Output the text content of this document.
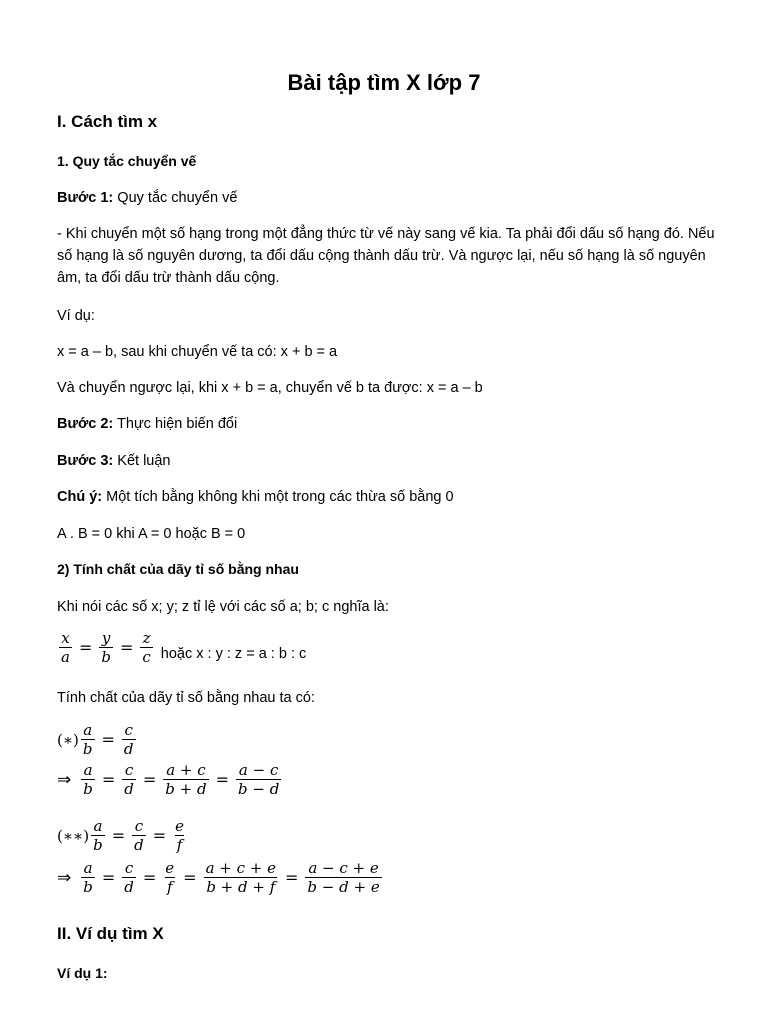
Bài tập tìm X lớp 7
I. Cách tìm x
1. Quy tắc chuyển vế
Bước 1: Quy tắc chuyển vế
- Khi chuyển một số hạng trong một đẳng thức từ vế này sang vế kia. Ta phải đổi dấu số hạng đó. Nếu số hạng là số nguyên dương, ta đổi dấu cộng thành dấu trừ. Và ngược lại, nếu số hạng là số nguyên âm, ta đổi dấu trừ thành dấu cộng.
Ví dụ:
x = a – b, sau khi chuyển vế ta có: x + b = a
Và chuyển ngược lại, khi x + b = a, chuyển vế b ta được: x = a – b
Bước 2: Thực hiện biến đổi
Bước 3: Kết luận
Chú ý: Một tích bằng không khi một trong các thừa số bằng 0
A . B = 0 khi A = 0 hoặc B = 0
2) Tính chất của dãy tỉ số bằng nhau
Khi nói các số x; y; z tỉ lệ với các số a; b; c nghĩa là:
$\frac{x}{a} = \frac{y}{b} = \frac{z}{c}$ hoặc x : y : z = a : b : c
Tính chất của dãy tỉ số bằng nhau ta có:
(∗) $\frac{a}{b} = \frac{c}{d}$
⇒ $\frac{a}{b} = \frac{c}{d} = \frac{a + c}{b + d} = \frac{a - c}{b - d}$
(∗∗) $\frac{a}{b} = \frac{c}{d} = \frac{e}{f}$
⇒ $\frac{a}{b} = \frac{c}{d} = \frac{e}{f} = \frac{a + c + e}{b + d + f} = \frac{a - c + e}{b - d + e}$
II. Ví dụ tìm X
Ví dụ 1:
